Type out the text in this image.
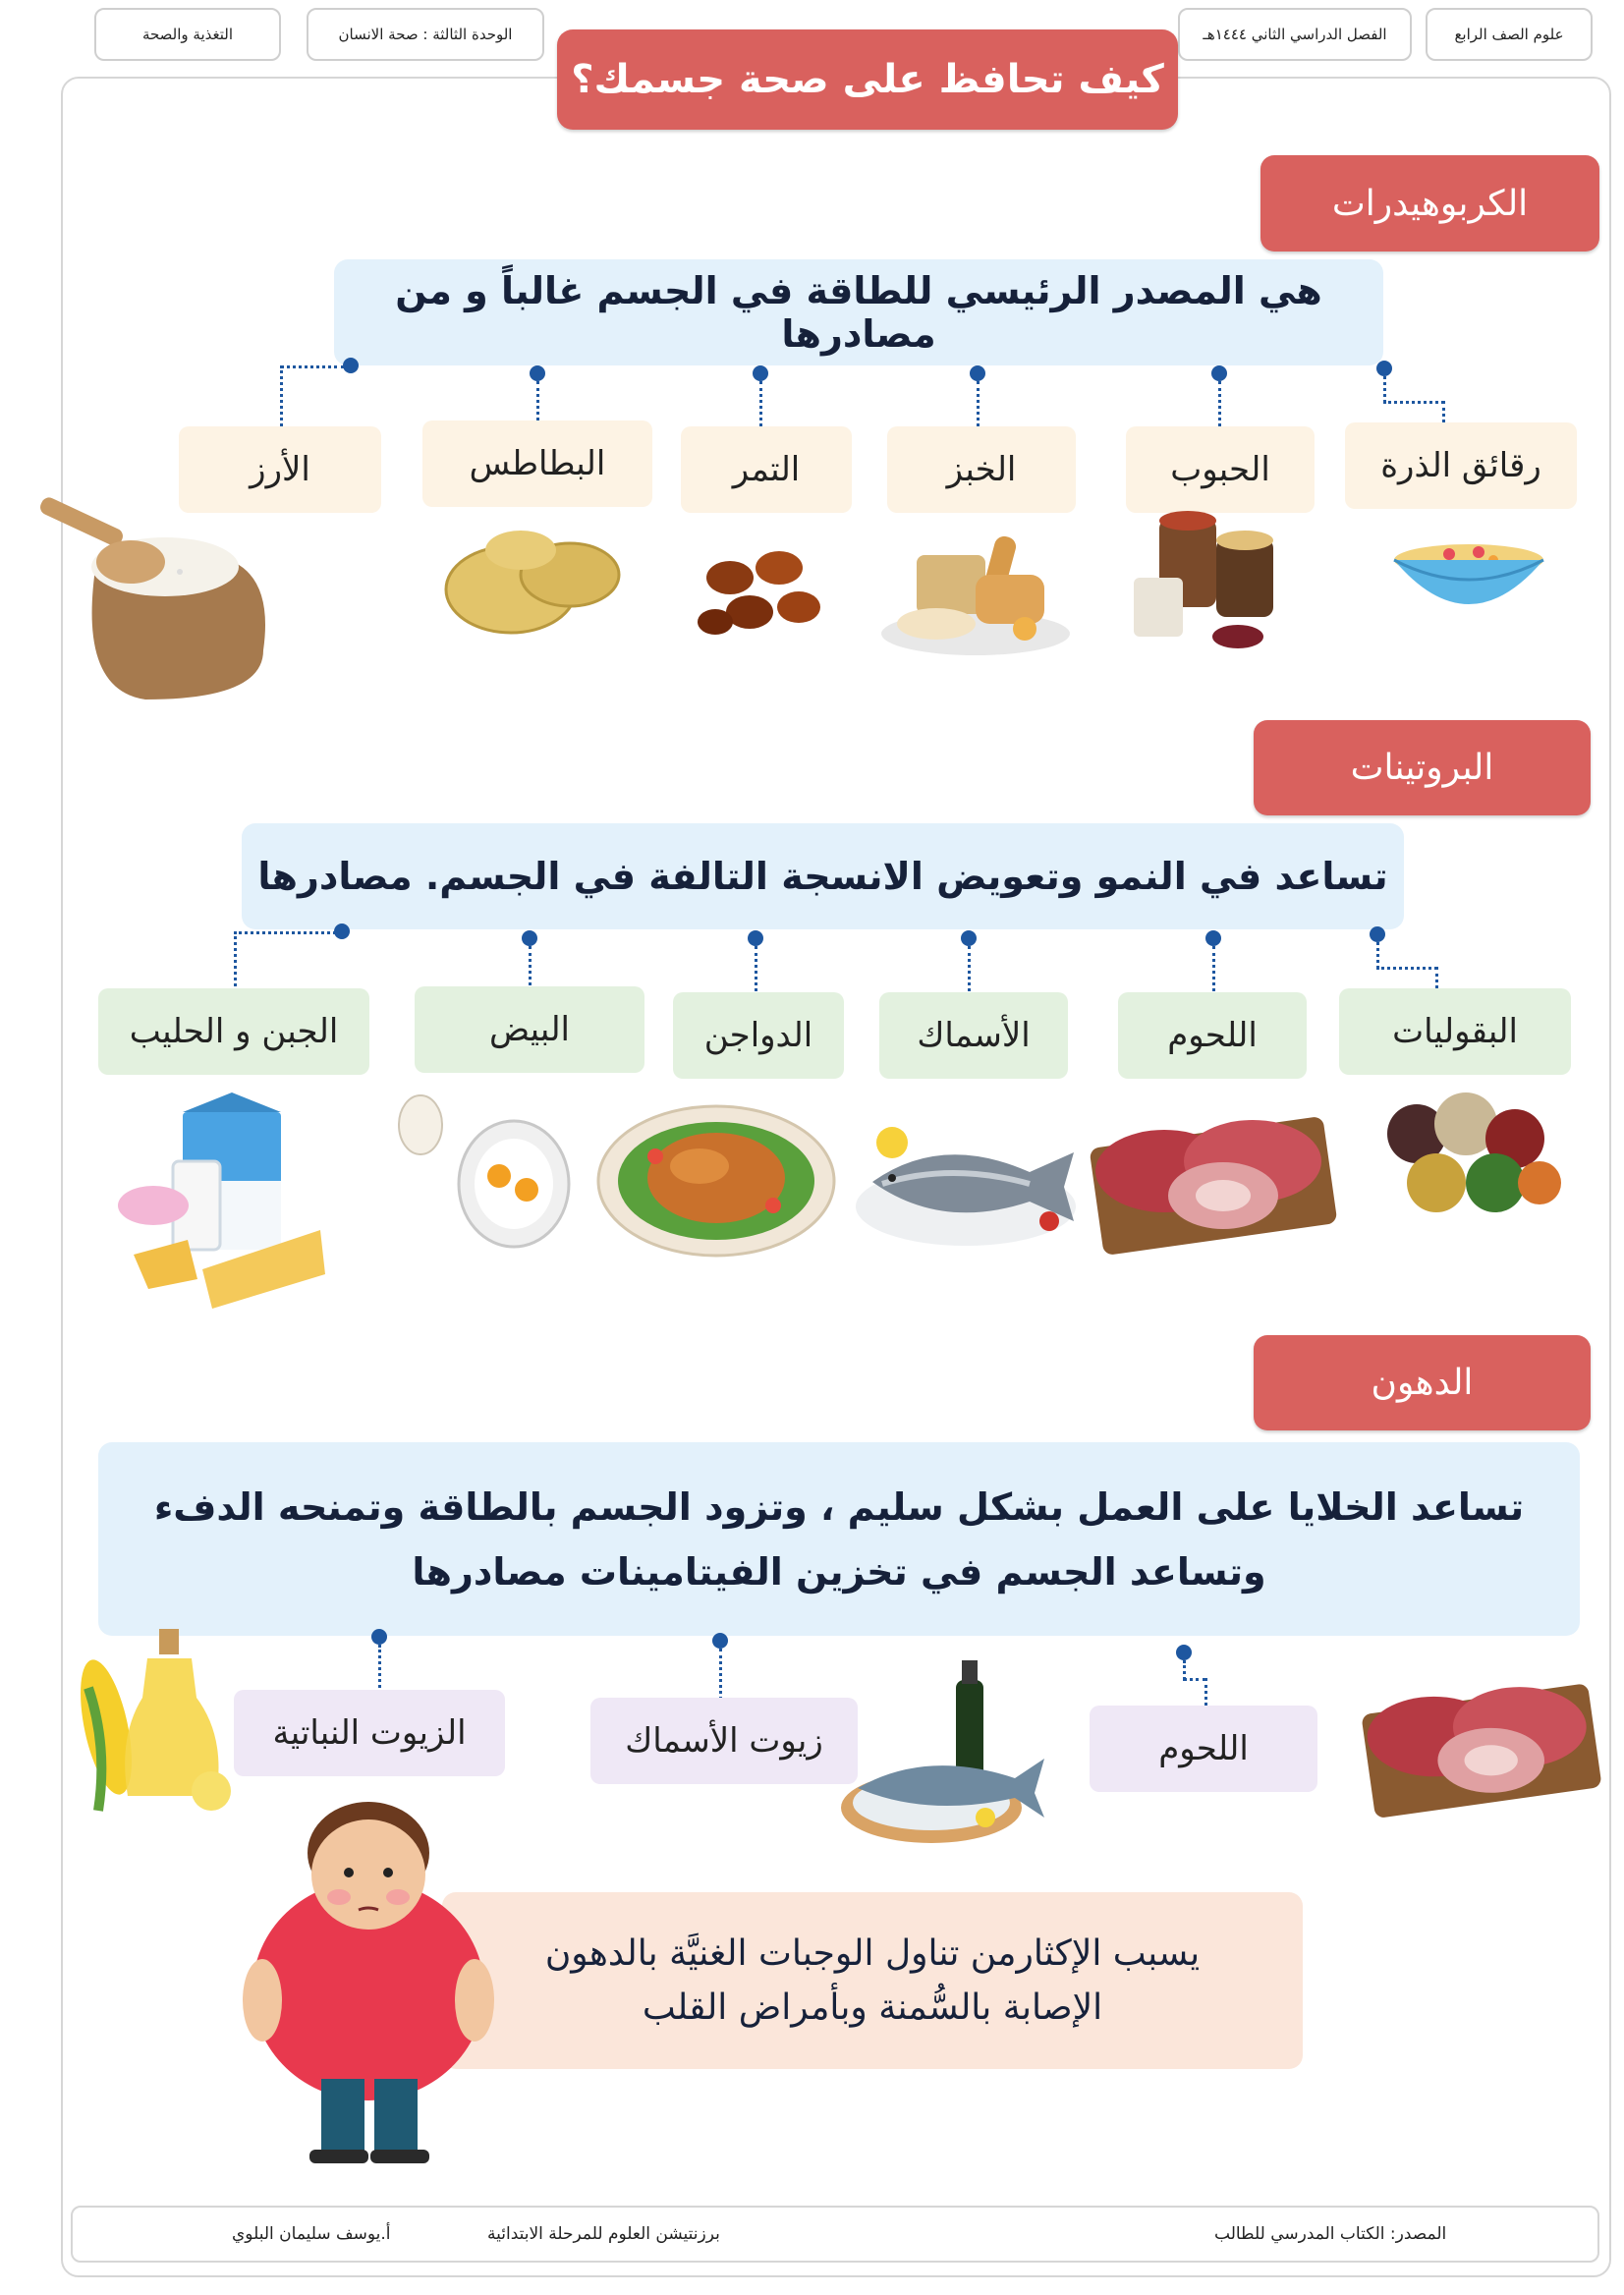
علوم الصف الرابع
الفصل الدراسي الثاني ١٤٤٤هـ
الوحدة الثالثة : صحة الانسان
التغذية والصحة
كيف تحافظ على صحة جسمك؟
الكربوهيدرات
هي المصدر الرئيسي للطاقة في الجسم غالباً و من مصادرها
رقائق الذرة
الحبوب
الخبز
التمر
البطاطس
الأرز
البروتينات
تساعد في النمو وتعويض الانسجة التالفة في الجسم. مصادرها
البقوليات
اللحوم
الأسماك
الدواجن
البيض
الجبن و الحليب
الدهون
تساعد الخلايا على العمل بشكل سليم ، وتزود الجسم بالطاقة وتمنحه الدفء
وتساعد الجسم في تخزين الفيتامينات مصادرها
اللحوم
زيوت الأسماك
الزيوت النباتية
يسبب الإكثارمن تناول الوجبات الغنيَّة بالدهون
الإصابة بالسُّمنة وبأمراض القلب
المصدر: الكتاب المدرسي للطالب
برزنتيشن العلوم للمرحلة الابتدائية
أ.يوسف سليمان البلوي
